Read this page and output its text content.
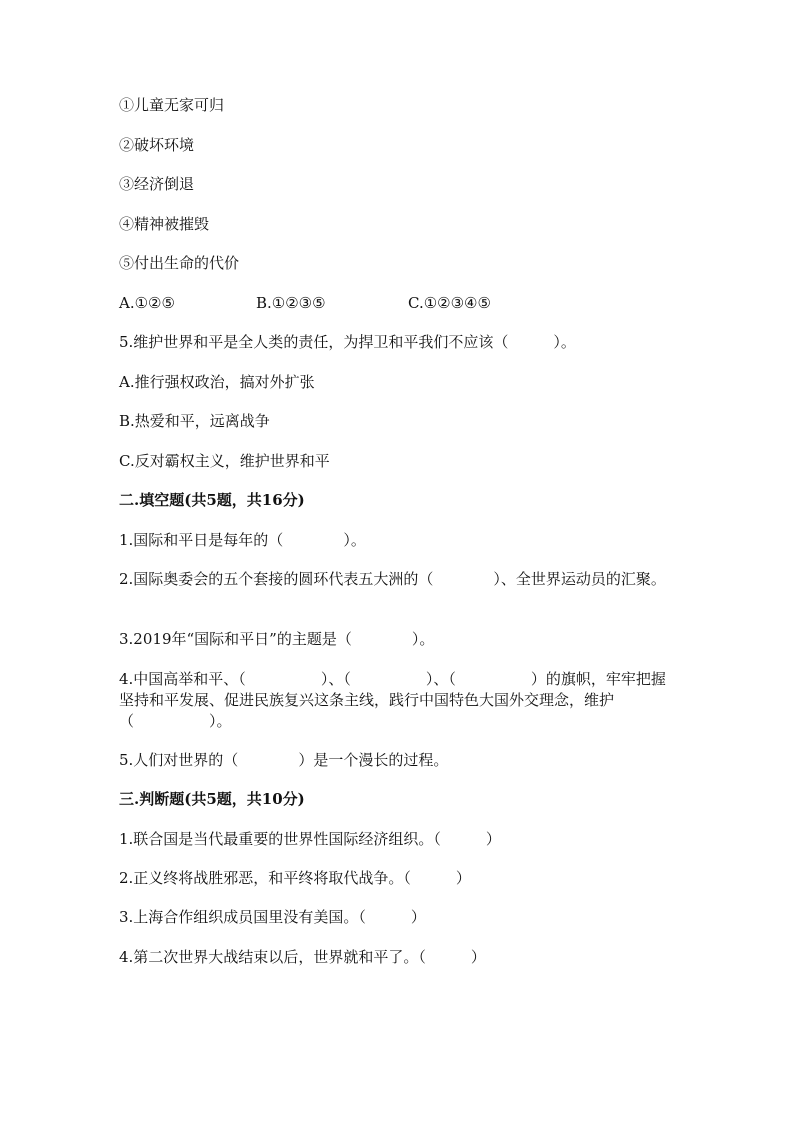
①儿童无家可归

②破坏环境

③经济倒退

④精神被摧毁

⑤付出生命的代价

A.①②⑤

	B.①②③⑤

	C.①②③④⑤

5.维护世界和平是全人类的责任，为捍卫和平我们不应该（　　　）。

A.推行强权政治，搞对外扩张

B.热爱和平，远离战争

C.反对霸权主义，维护世界和平

二.填空题(共5题，共16分)

1.国际和平日是每年的（　　　　）。

2.国际奥委会的五个套接的圆环代表五大洲的（　　　　）、全世界运动员的汇聚。

3.2019年“国际和平日”的主题是（　　　　）。

4.中国高举和平、（　　　　　）、（　　　　　）、（　　　　　）的旗帜，牢牢把握坚持和平发展、促进民族复兴这条主线，践行中国特色大国外交理念，维护（　　　　　）。

5.人们对世界的（　　　　）是一个漫长的过程。

三.判断题(共5题，共10分)

1.联合国是当代最重要的世界性国际经济组织。（　　　）

2.正义终将战胜邪恶，和平终将取代战争。（　　　）

3.上海合作组织成员国里没有美国。（　　　）

4.第二次世界大战结束以后，世界就和平了。（　　　）
